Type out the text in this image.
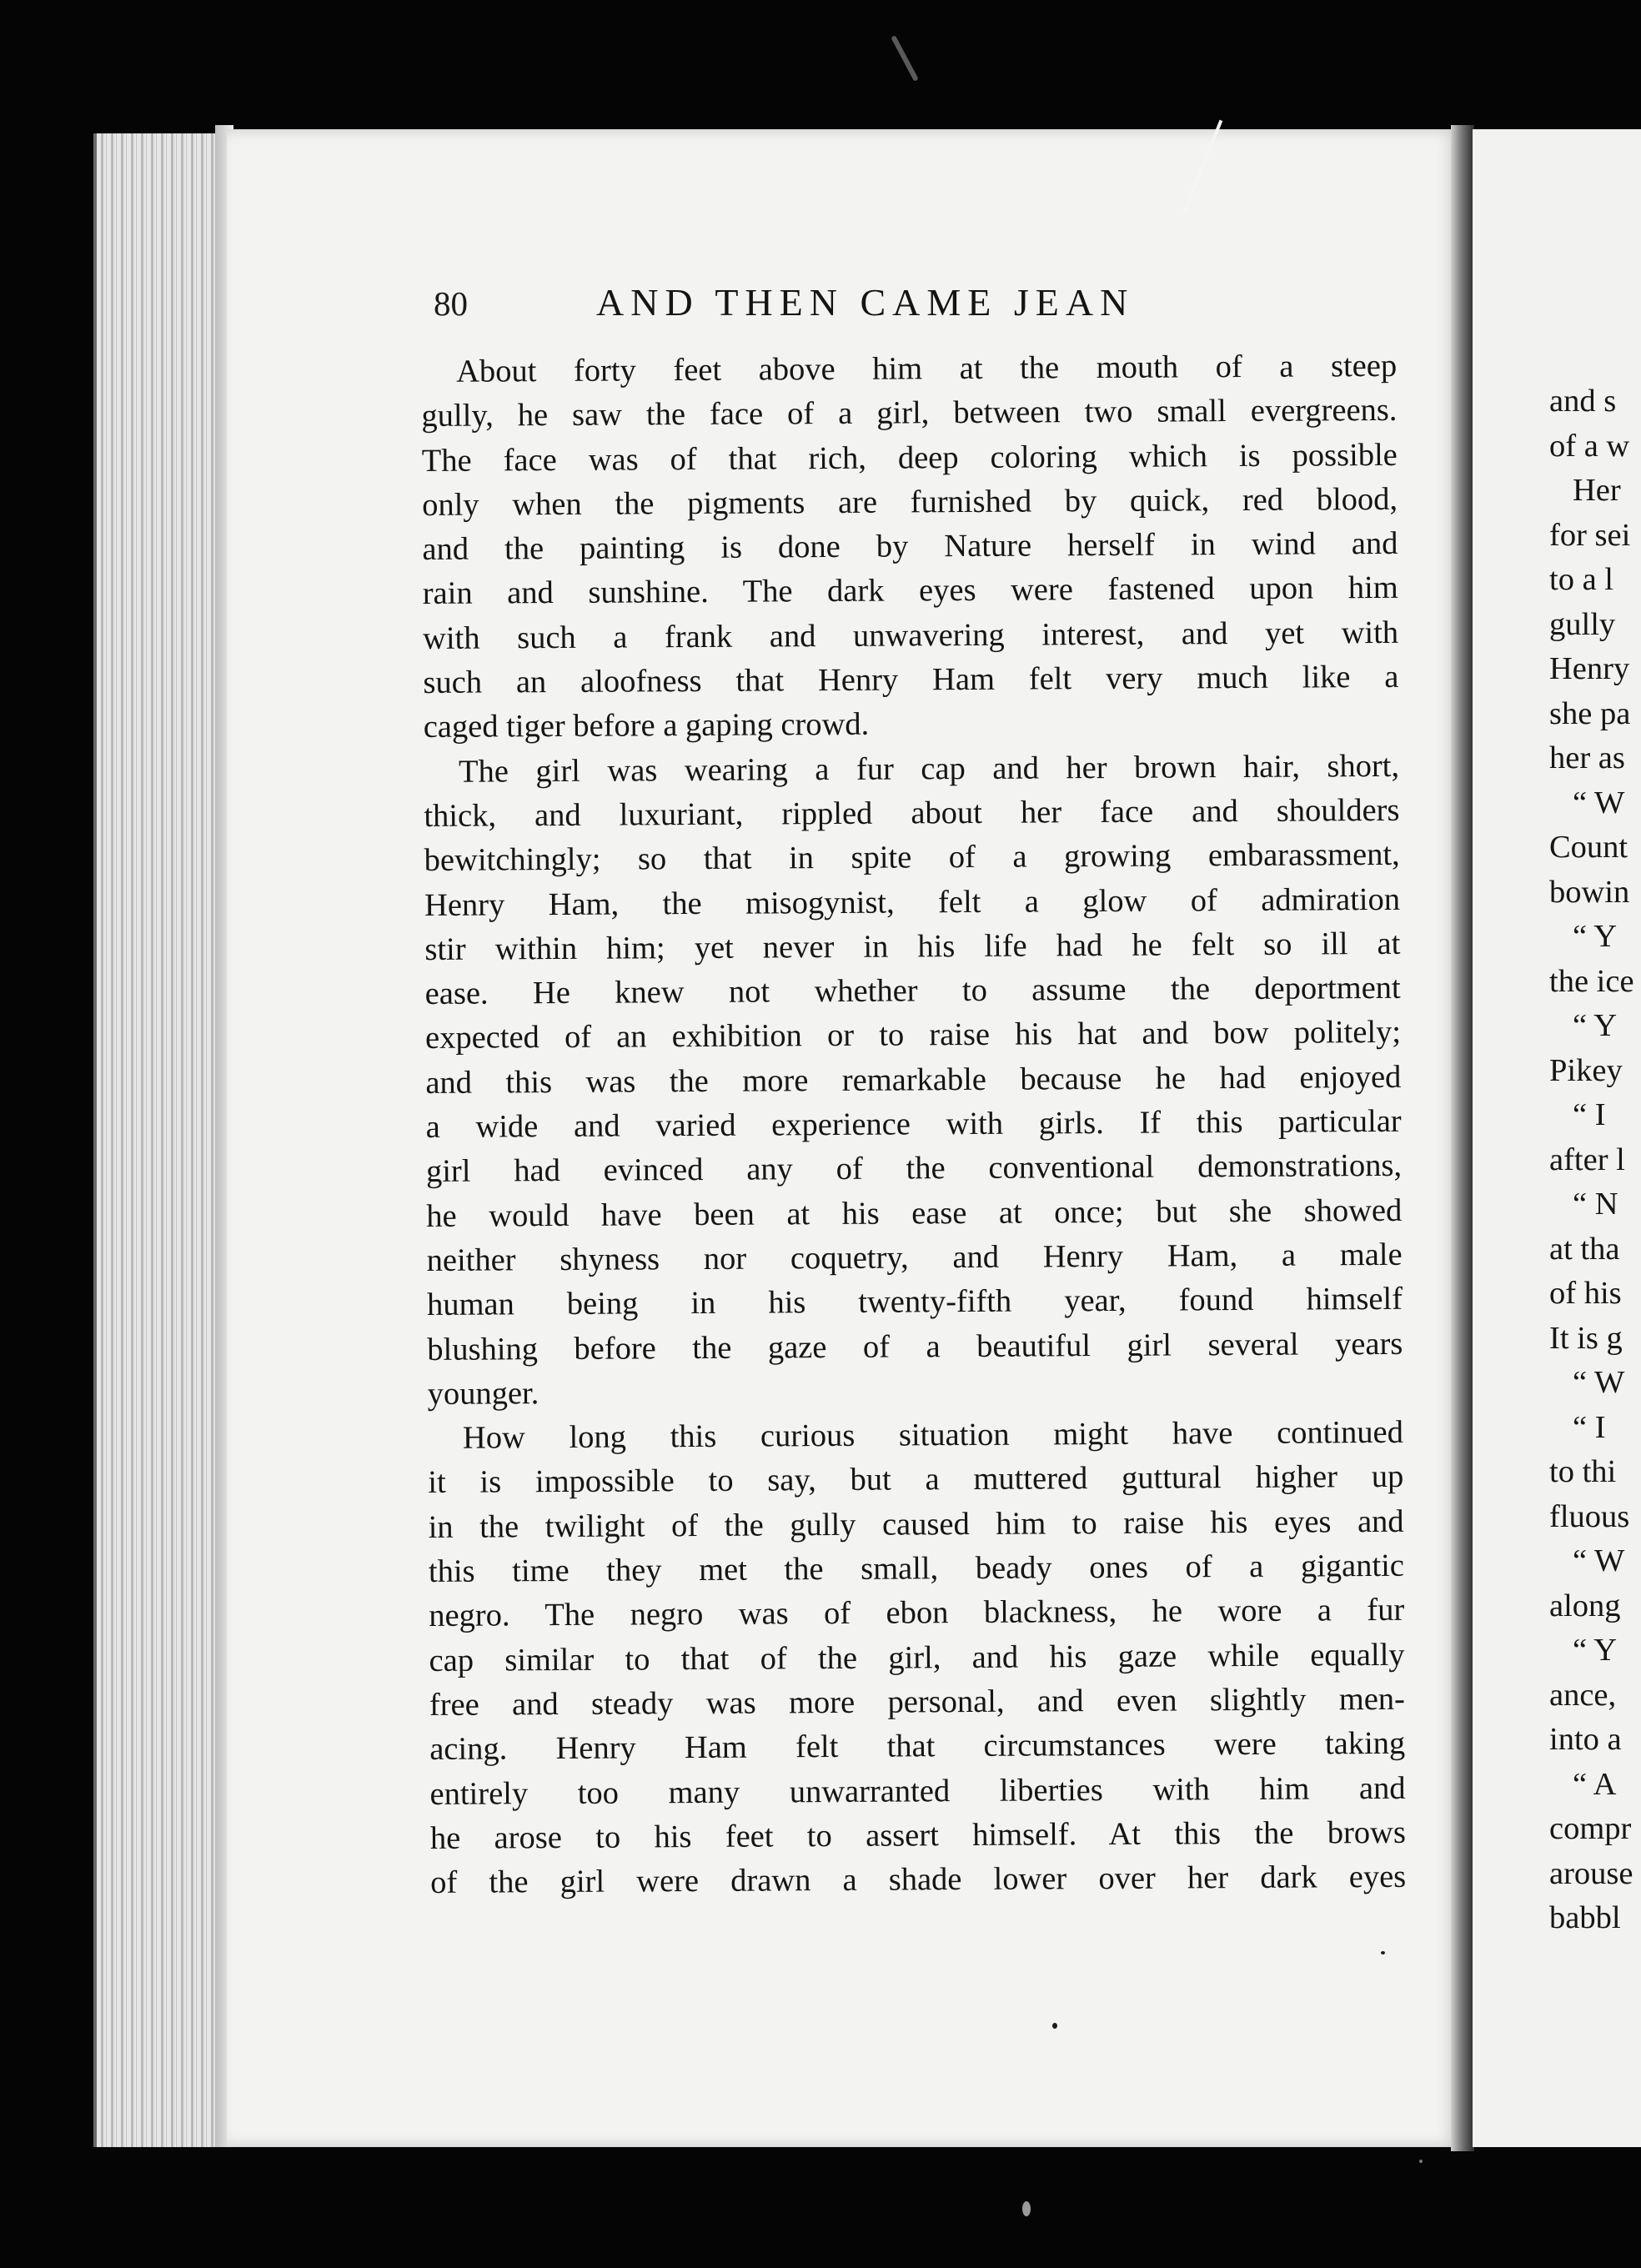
and s
of a w
Her
for sei
to a l
gully
Henry
she pa
her as
“ W
Count
bowin
“ Y
the ice
“ Y
Pikey
“ I
after l
“ N
at tha
of his
It is g
“ W
“ I
to thi
fluous
“ W
along
“ Y
ance,
into a
“ A
compr
arouse
babbl
80	AND THEN CAME JEAN
About forty feet above him at the mouth of a steep
gully, he saw the face of a girl, between two small evergreens.
The face was of that rich, deep coloring which is possible
only when the pigments are furnished by quick, red blood,
and the painting is done by Nature herself in wind and
rain and sunshine. The dark eyes were fastened upon him
with such a frank and unwavering interest, and yet with
such an aloofness that Henry Ham felt very much like a
caged tiger before a gaping crowd.
The girl was wearing a fur cap and her brown hair, short,
thick, and luxuriant, rippled about her face and shoulders
bewitchingly; so that in spite of a growing embarassment,
Henry Ham, the misogynist, felt a glow of admiration
stir within him; yet never in his life had he felt so ill at
ease. He knew not whether to assume the deportment
expected of an exhibition or to raise his hat and bow politely;
and this was the more remarkable because he had enjoyed
a wide and varied experience with girls. If this particular
girl had evinced any of the conventional demonstrations,
he would have been at his ease at once; but she showed
neither shyness nor coquetry, and Henry Ham, a male
human being in his twenty-fifth year, found himself
blushing before the gaze of a beautiful girl several years
younger.
How long this curious situation might have continued
it is impossible to say, but a muttered guttural higher up
in the twilight of the gully caused him to raise his eyes and
this time they met the small, beady ones of a gigantic
negro. The negro was of ebon blackness, he wore a fur
cap similar to that of the girl, and his gaze while equally
free and steady was more personal, and even slightly men-
acing. Henry Ham felt that circumstances were taking
entirely too many unwarranted liberties with him and
he arose to his feet to assert himself. At this the brows
of the girl were drawn a shade lower over her dark eyes
